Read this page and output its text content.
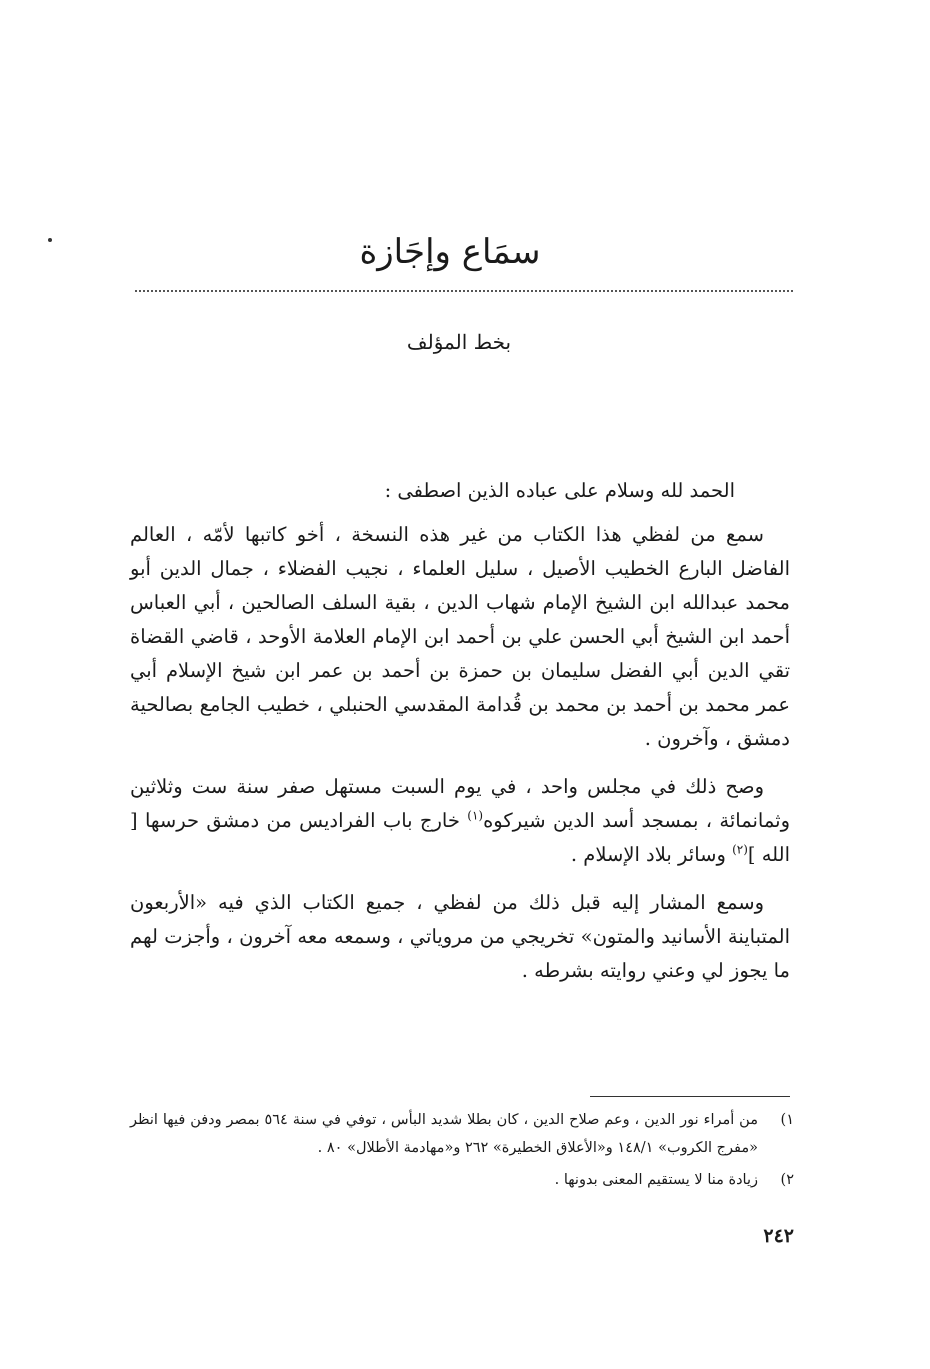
سمَاع وإجَازة
بخط المؤلف

الحمد لله وسلام على عباده الذين اصطفى :

سمع من لفظي هذا الكتاب من غير هذه النسخة ، أخو كاتبها لأمّه ، العالم الفاضل البارع الخطيب الأصيل ، سليل العلماء ، نجيب الفضلاء ، جمال الدين أبو محمد عبدالله ابن الشيخ الإمام شهاب الدين ، بقية السلف الصالحين ، أبي العباس أحمد ابن الشيخ أبي الحسن علي بن أحمد ابن الإمام العلامة الأوحد ، قاضي القضاة تقي الدين أبي الفضل سليمان بن حمزة بن أحمد بن عمر ابن شيخ الإسلام أبي عمر محمد بن أحمد بن محمد بن قُدامة المقدسي الحنبلي ، خطيب الجامع بصالحية دمشق ، وآخرون .

وصح ذلك في مجلس واحد ، في يوم السبت مستهل صفر سنة ست وثلاثين وثمانمائة ، بمسجد أسد الدين شيركوه$^{(١)}$ خارج باب الفراديس من دمشق حرسها [ الله ]$^{(٢)}$ وسائر بلاد الإسلام .

وسمع المشار إليه قبل ذلك من لفظي ، جميع الكتاب الذي فيه «الأربعون المتباينة الأسانيد والمتون» تخريجي من مروياتي ، وسمعه معه آخرون ، وأجزت لهم ما يجوز لي وعني روايته بشرطه .

١)
من أمراء نور الدين ، وعم صلاح الدين ، كان بطلا شديد البأس ، توفي في سنة ٥٦٤ بمصر ودفن فيها انظر «مفرج الكروب» ١٤٨/١ و«الأعلاق الخطيرة» ٢٦٢ و«مهادمة الأطلال» ٨٠ .
٢)
زيادة منا لا يستقيم المعنى بدونها .
٢٤٢
